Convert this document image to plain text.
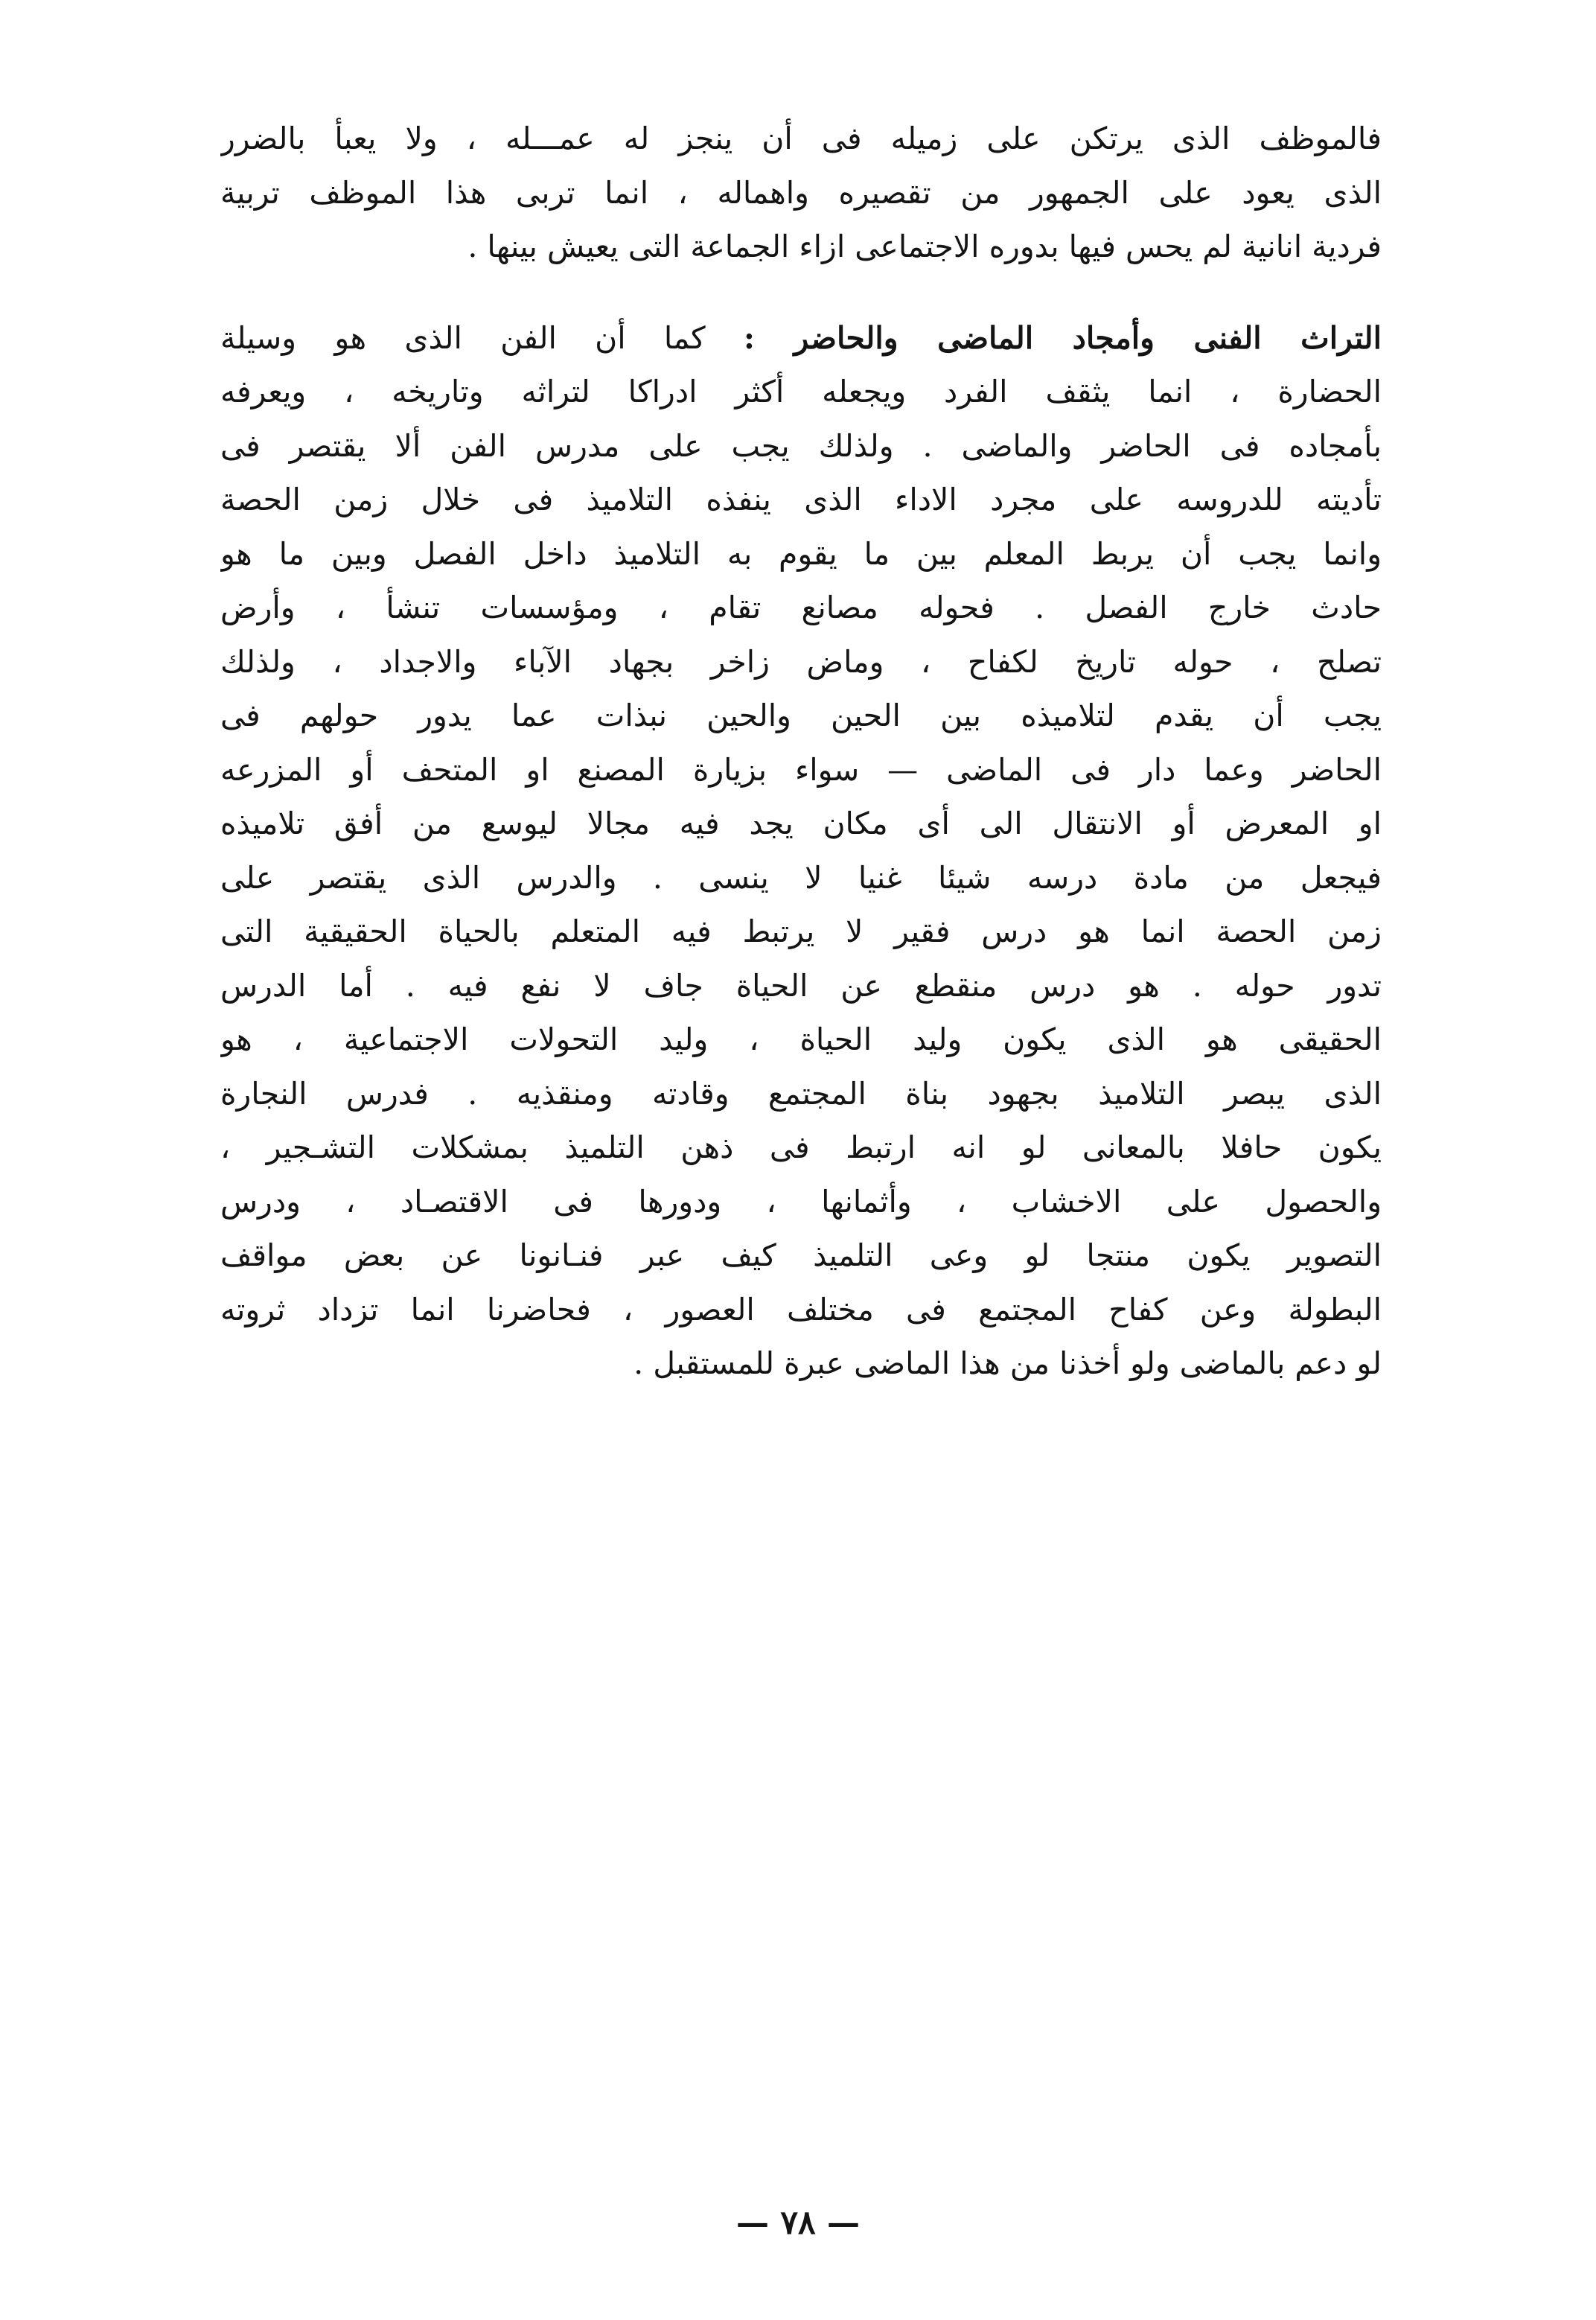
فالموظف الذى يرتكن على زميله فى أن ينجز له عمـــله ، ولا يعبأ بالضرر
الذى يعود على الجمهور من تقصيره واهماله ، انما تربى هذا الموظف تربية
فردية انانية لم يحس فيها بدوره الاجتماعى ازاء الجماعة التى يعيش بينها .
التراث الفنى وأمجاد الماضى والحاضر : كما أن الفن الذى هو وسيلة
الحضارة ، انما يثقف الفرد ويجعله أكثر ادراكا لتراثه وتاريخه ، ويعرفه
بأمجاده فى الحاضر والماضى . ولذلك يجب على مدرس الفن ألا يقتصر فى
تأديته للدروسه على مجرد الاداء الذى ينفذه التلاميذ فى خلال زمن الحصة
وانما يجب أن يربط المعلم بين ما يقوم به التلاميذ داخل الفصل وبين ما هو
حادث خارج الفصل . فحوله مصانع تقام ، ومؤسسات تنشأ ، وأرض
تصلح ، حوله تاريخ لكفاح ، وماض زاخر بجهاد الآباء والاجداد ، ولذلك
يجب أن يقدم لتلاميذه بين الحين والحين نبذات عما يدور حولهم فى
الحاضر وعما دار فى الماضى — سواء بزيارة المصنع او المتحف أو المزرعه
او المعرض أو الانتقال الى أى مكان يجد فيه مجالا ليوسع من أفق تلاميذه
فيجعل من مادة درسه شيئا غنيا لا ينسى . والدرس الذى يقتصر على
زمن الحصة انما هو درس فقير لا يرتبط فيه المتعلم بالحياة الحقيقية التى
تدور حوله . هو درس منقطع عن الحياة جاف لا نفع فيه . أما الدرس
الحقيقى هو الذى يكون وليد الحياة ، وليد التحولات الاجتماعية ، هو
الذى يبصر التلاميذ بجهود بناة المجتمع وقادته ومنقذيه . فدرس النجارة
يكون حافلا بالمعانى لو انه ارتبط فى ذهن التلميذ بمشكلات التشـجير ،
والحصول على الاخشاب ، وأثمانها ، ودورها فى الاقتصـاد ، ودرس
التصوير يكون منتجا لو وعى التلميذ كيف عبر فنـانونا عن بعض مواقف
البطولة وعن كفاح المجتمع فى مختلف العصور ، فحاضرنا انما تزداد ثروته
لو دعم بالماضى ولو أخذنا من هذا الماضى عبرة للمستقبل .
— ٧٨ —
